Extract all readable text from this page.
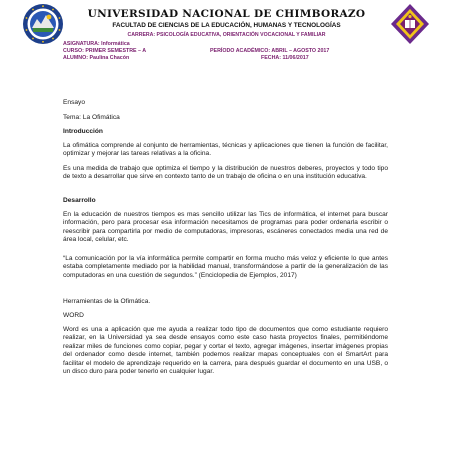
UNIVERSIDAD NACIONAL DE CHIMBORAZO
FACULTAD DE CIENCIAS DE LA EDUCACIÓN, HUMANAS Y TECNOLOGÍAS
CARRERA: PSICOLOGÍA EDUCATIVA, ORIENTACIÓN VOCACIONAL Y FAMILIAR
ASIGNATURA: Informática
CURSO: PRIMER SEMESTRE – A
ALUMNO: Paulina Chacón
PERÍODO ACADÉMICO: ABRIL – AGOSTO 2017
FECHA: 11/06/2017
Ensayo
Tema: La Ofimática
Introducción
La ofimática comprende al conjunto de herramientas, técnicas y aplicaciones que tienen la función de facilitar, optimizar y mejorar las tareas relativas a la oficina.
Es una medida de trabajo que optimiza el tiempo y la distribución de nuestros deberes, proyectos y todo tipo de texto a desarrollar que sirve en contexto tanto de un trabajo de oficina o en una institución educativa.
Desarrollo
En la educación de nuestros tiempos es mas sencillo utilizar las Tics de informática, el internet para buscar información, pero para procesar esa información necesitamos de programas para poder ordenarla escribir o reescribir para compartirla por medio de computadoras, impresoras, escáneres conectados media una red de área local, celular, etc.
“La comunicación por la vía informática permite compartir en forma mucho más veloz y eficiente lo que antes estaba completamente mediado por la habilidad manual, transformándose a partir de la generalización de las computadoras en una cuestión de segundos.” (Enciclopedia de Ejemplos, 2017)
Herramientas de la Ofimática.
WORD
Word es una a aplicación que me ayuda a realizar todo tipo de documentos que como estudiante requiero realizar, en la Universidad ya sea desde ensayos como este caso hasta proyectos finales, permitiéndome realizar miles de funciones como copiar, pegar y cortar el texto, agregar imágenes, insertar imágenes propias del ordenador como desde internet, también podemos realizar mapas conceptuales con el SmartArt para facilitar el modelo de aprendizaje requerido en la carrera, para después guardar el documento en una USB, o un disco duro para poder tenerlo en cualquier lugar.
